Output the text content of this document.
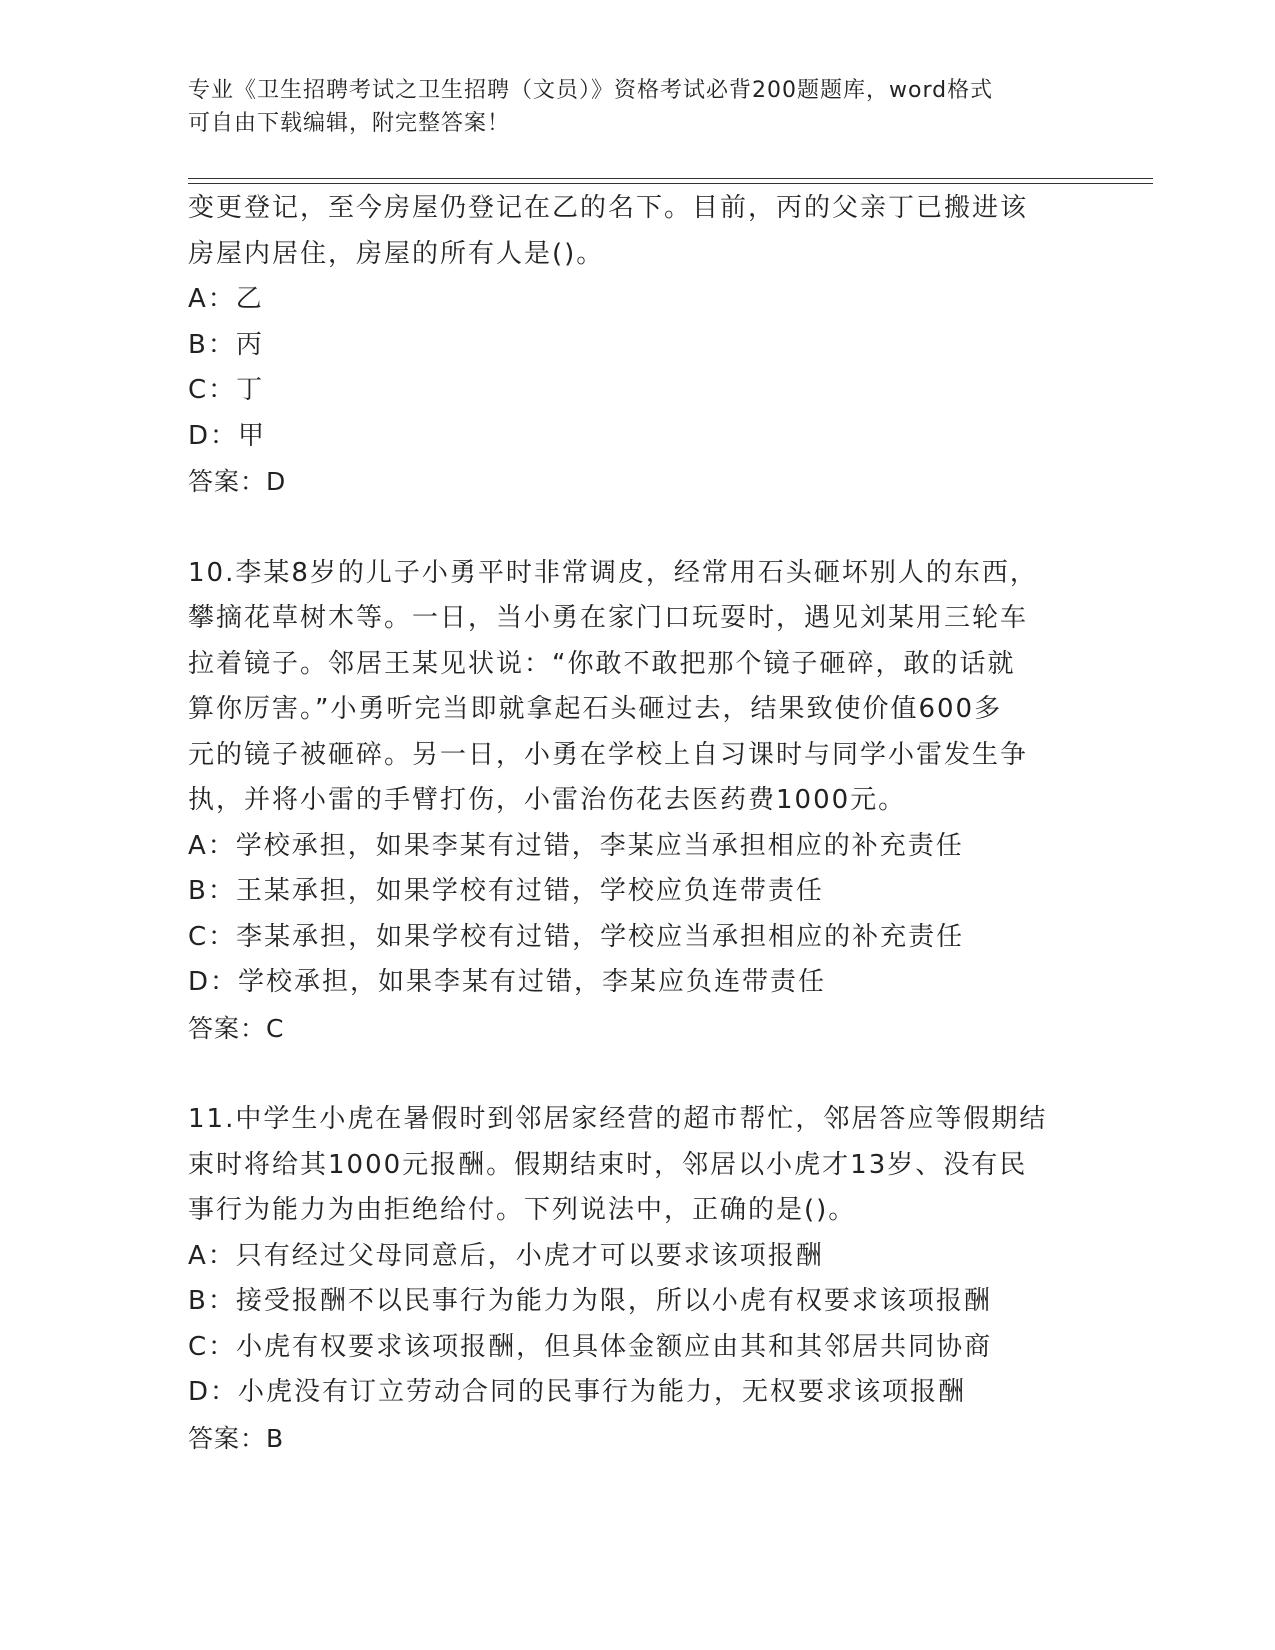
专业《卫生招聘考试之卫生招聘（文员）》资格考试必背200题题库，word格式
可自由下载编辑，附完整答案！
变更登记，至今房屋仍登记在乙的名下。目前，丙的父亲丁已搬进该
房屋内居住，房屋的所有人是()。
A：乙
B：丙
C：丁
D：甲
答案：D
10.李某8岁的儿子小勇平时非常调皮，经常用石头砸坏别人的东西，
攀摘花草树木等。一日，当小勇在家门口玩耍时，遇见刘某用三轮车
拉着镜子。邻居王某见状说：“你敢不敢把那个镜子砸碎，敢的话就
算你厉害。”小勇听完当即就拿起石头砸过去，结果致使价值600多
元的镜子被砸碎。另一日，小勇在学校上自习课时与同学小雷发生争
执，并将小雷的手臂打伤，小雷治伤花去医药费1000元。
A：学校承担，如果李某有过错，李某应当承担相应的补充责任
B：王某承担，如果学校有过错，学校应负连带责任
C：李某承担，如果学校有过错，学校应当承担相应的补充责任
D：学校承担，如果李某有过错，李某应负连带责任
答案：C
11.中学生小虎在暑假时到邻居家经营的超市帮忙，邻居答应等假期结
束时将给其1000元报酬。假期结束时，邻居以小虎才13岁、没有民
事行为能力为由拒绝给付。下列说法中，正确的是()。
A：只有经过父母同意后，小虎才可以要求该项报酬
B：接受报酬不以民事行为能力为限，所以小虎有权要求该项报酬
C：小虎有权要求该项报酬，但具体金额应由其和其邻居共同协商
D：小虎没有订立劳动合同的民事行为能力，无权要求该项报酬
答案：B
